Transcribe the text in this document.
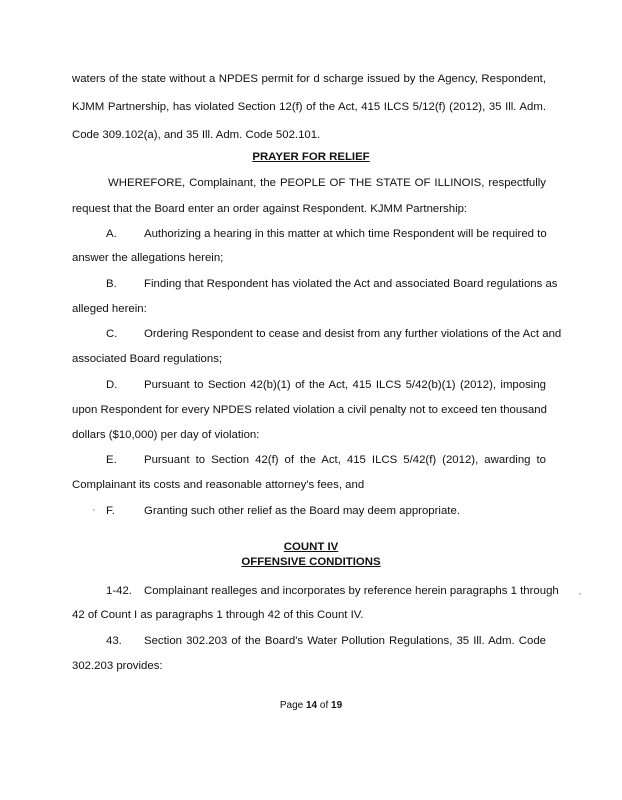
waters of the state without a NPDES permit for d scharge issued by the Agency, Respondent,
KJMM Partnership, has violated Section 12(f) of the Act, 415 ILCS 5/12(f) (2012), 35 Ill. Adm.
Code 309.102(a), and 35 Ill. Adm. Code 502.101.
PRAYER FOR RELIEF
WHEREFORE, Complainant, the PEOPLE OF THE STATE OF ILLINOIS, respectfully
request that the Board enter an order against Respondent. KJMM Partnership:
A. Authorizing a hearing in this matter at which time Respondent will be required to
answer the allegations herein;
B. Finding that Respondent has violated the Act and associated Board regulations as
alleged herein:
C. Ordering Respondent to cease and desist from any further violations of the Act and
associated Board regulations;
D. Pursuant to Section 42(b)(1) of the Act, 415 ILCS 5/42(b)(1) (2012), imposing
upon Respondent for every NPDES related violation a civil penalty not to exceed ten thousand
dollars ($10,000) per day of violation:
E. Pursuant to Section 42(f) of the Act, 415 ILCS 5/42(f) (2012), awarding to
Complainant its costs and reasonable attorney's fees, and
· F.	Granting such other relief as the Board may deem appropriate.
COUNT IV
OFFENSIVE CONDITIONS
1-42. Complainant realleges and incorporates by reference herein paragraphs 1 through
42 of Count I as paragraphs 1 through 42 of this Count IV.
·
43. Section 302.203 of the Board's Water Pollution Regulations, 35 Ill. Adm. Code
302.203 provides:
Page 14 of 19
